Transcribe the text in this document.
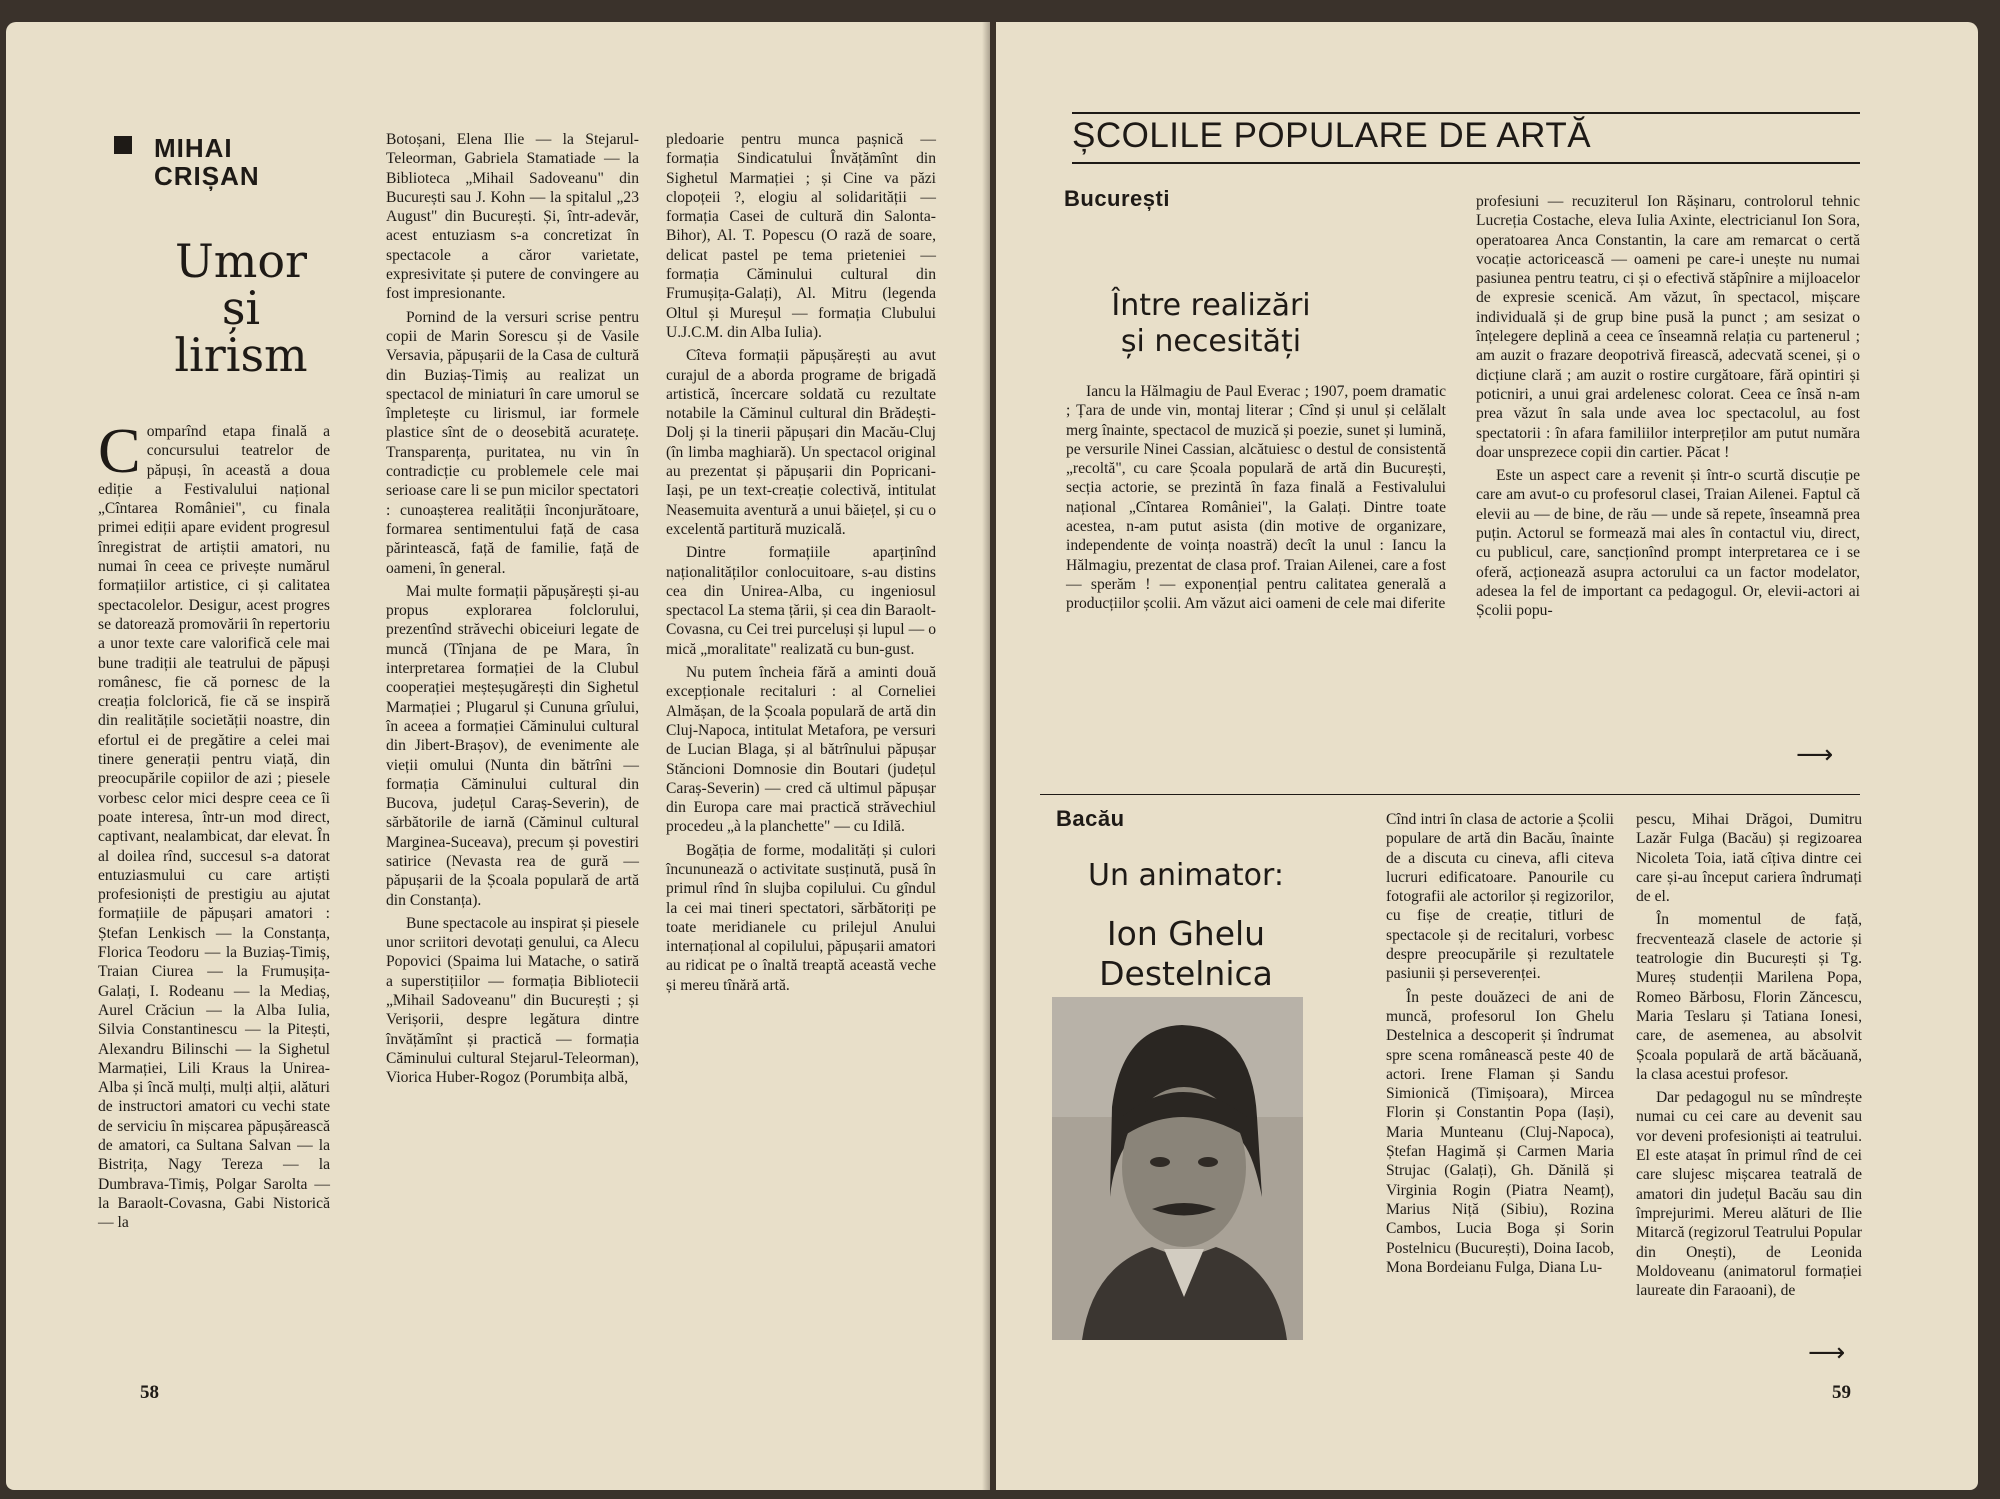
MIHAI
CRIȘAN
Umor
și
lirism

Comparînd etapa finală a concursului teatrelor de păpuși, în această a doua ediție a Festivalului național „Cîntarea României", cu finala primei ediții apare evident progresul înregistrat de artiștii amatori, nu numai în ceea ce privește numărul formațiilor artistice, ci și calitatea spectacolelor. Desigur, acest progres se datorează promovării în repertoriu a unor texte care valorifică cele mai bune tradiții ale teatrului de păpuși românesc, fie că pornesc de la creația folclorică, fie că se inspiră din realitățile societății noastre, din efortul ei de pregătire a celei mai tinere generații pentru viață, din preocupările copiilor de azi ; piesele vorbesc celor mici despre ceea ce îi poate interesa, într-un mod direct, captivant, nealambicat, dar elevat. În al doilea rînd, succesul s-a datorat entuziasmului cu care artiști profesioniști de prestigiu au ajutat formațiile de păpușari amatori : Ștefan Lenkisch — la Constanța, Florica Teodoru — la Buziaș-Timiș, Traian Ciurea — la Frumușița-Galați, I. Rodeanu — la Mediaș, Aurel Crăciun — la Alba Iulia, Silvia Constantinescu — la Pitești, Alexandru Bilinschi — la Sighetul Marmației, Lili Kraus la Unirea-Alba și încă mulți, mulți alții, alături de instructori amatori cu vechi state de serviciu în mișcarea păpușărească de amatori, ca Sultana Salvan — la Bistrița, Nagy Tereza — la Dumbrava-Timiș, Polgar Sarolta — la Baraolt-Covasna, Gabi Nistorică — la

Botoșani, Elena Ilie — la Stejarul-Teleorman, Gabriela Stamatiade — la Biblioteca „Mihail Sadoveanu" din București sau J. Kohn — la spitalul „23 August" din București. Și, într-adevăr, acest entuziasm s-a concretizat în spectacole a căror varietate, expresivitate și putere de convingere au fost impresionante.

Pornind de la versuri scrise pentru copii de Marin Sorescu și de Vasile Versavia, păpușarii de la Casa de cultură din Buziaș-Timiș au realizat un spectacol de miniaturi în care umorul se împletește cu lirismul, iar formele plastice sînt de o deosebită acuratețe. Transparența, puritatea, nu vin în contradicție cu problemele cele mai serioase care li se pun micilor spectatori : cunoașterea realității înconjurătoare, formarea sentimentului față de casa părintească, față de familie, față de oameni, în general.

Mai multe formații păpușărești și-au propus explorarea folclorului, prezentînd străvechi obiceiuri legate de muncă (Tînjana de pe Mara, în interpretarea formației de la Clubul cooperației meșteșugărești din Sighetul Marmației ; Plugarul și Cununa grîului, în aceea a formației Căminului cultural din Jibert-Brașov), de evenimente ale vieții omului (Nunta din bătrîni — formația Căminului cultural din Bucova, județul Caraș-Severin), de sărbătorile de iarnă (Căminul cultural Marginea-Suceava), precum și povestiri satirice (Nevasta rea de gură — păpușarii de la Școala populară de artă din Constanța).

Bune spectacole au inspirat și piesele unor scriitori devotați genului, ca Alecu Popovici (Spaima lui Matache, o satiră a superstițiilor — formația Bibliotecii „Mihail Sadoveanu" din București ; și Verișorii, despre legătura dintre învățămînt și practică — formația Căminului cultural Stejarul-Teleorman), Viorica Huber-Rogoz (Porumbița albă,

pledoarie pentru munca pașnică — formația Sindicatului Învățămînt din Sighetul Marmației ; și Cine va păzi clopoțeii ?, elogiu al solidarității — formația Casei de cultură din Salonta-Bihor), Al. T. Popescu (O rază de soare, delicat pastel pe tema prieteniei — formația Căminului cultural din Frumușița-Galați), Al. Mitru (legenda Oltul și Mureșul — formația Clubului U.J.C.M. din Alba Iulia).

Cîteva formații păpușărești au avut curajul de a aborda programe de brigadă artistică, încercare soldată cu rezultate notabile la Căminul cultural din Brădești-Dolj și la tinerii păpușari din Macău-Cluj (în limba maghiară). Un spectacol original au prezentat și păpușarii din Popricani-Iași, pe un text-creație colectivă, intitulat Neasemuita aventură a unui băiețel, și cu o excelentă partitură muzicală.

Dintre formațiile aparținînd naționalităților conlocuitoare, s-au distins cea din Unirea-Alba, cu ingeniosul spectacol La stema țării, și cea din Baraolt-Covasna, cu Cei trei purceluși și lupul — o mică „moralitate" realizată cu bun-gust.

Nu putem încheia fără a aminti două excepționale recitaluri : al Corneliei Almășan, de la Școala populară de artă din Cluj-Napoca, intitulat Metafora, pe versuri de Lucian Blaga, și al bătrînului păpușar Stăncioni Domnosie din Boutari (județul Caraș-Severin) — cred că ultimul păpușar din Europa care mai practică străvechiul procedeu „à la planchette" — cu Idilă.

Bogăția de forme, modalități și culori încununează o activitate susținută, pusă în primul rînd în slujba copilului. Cu gîndul la cei mai tineri spectatori, sărbătoriți pe toate meridianele cu prilejul Anului internațional al copilului, păpușarii amatori au ridicat pe o înaltă treaptă această veche și mereu tînără artă.

58
ȘCOLILE POPULARE DE ARTĂ
București
Între realizări
și necesități

Iancu la Hălmagiu de Paul Everac ; 1907, poem dramatic ; Țara de unde vin, montaj literar ; Cînd și unul și celălalt merg înainte, spectacol de muzică și poezie, sunet și lumină, pe versurile Ninei Cassian, alcătuiesc o destul de consistentă „recoltă", cu care Școala populară de artă din București, secția actorie, se prezintă în faza finală a Festivalului național „Cîntarea României", la Galați. Dintre toate acestea, n-am putut asista (din motive de organizare, independente de voința noastră) decît la unul : Iancu la Hălmagiu, prezentat de clasa prof. Traian Ailenei, care a fost — sperăm ! — exponențial pentru calitatea generală a producțiilor școlii. Am văzut aici oameni de cele mai diferite

profesiuni — recuziterul Ion Rășinaru, controlorul tehnic Lucreția Costache, eleva Iulia Axinte, electricianul Ion Sora, operatoarea Anca Constantin, la care am remarcat o certă vocație actoricească — oameni pe care-i unește nu numai pasiunea pentru teatru, ci și o efectivă stăpînire a mijloacelor de expresie scenică. Am văzut, în spectacol, mișcare individuală și de grup bine pusă la punct ; am sesizat o înțelegere deplină a ceea ce înseamnă relația cu partenerul ; am auzit o frazare deopotrivă firească, adecvată scenei, și o dicțiune clară ; am auzit o rostire curgătoare, fără opintiri și poticniri, a unui grai ardelenesc colorat. Ceea ce însă n-am prea văzut în sala unde avea loc spectacolul, au fost spectatorii : în afara familiilor interpreților am putut număra doar unsprezece copii din cartier. Păcat !

Este un aspect care a revenit și într-o scurtă discuție pe care am avut-o cu profesorul clasei, Traian Ailenei. Faptul că elevii au — de bine, de rău — unde să repete, înseamnă prea puțin. Actorul se formează mai ales în contactul viu, direct, cu publicul, care, sancționînd prompt interpretarea ce i se oferă, acționează asupra actorului ca un factor modelator, adesea la fel de important ca pedagogul. Or, elevii-actori ai Școlii popu-

⟶
Bacău
Un animator:
Ion Ghelu
Destelnica

Cînd intri în clasa de actorie a Școlii populare de artă din Bacău, înainte de a discuta cu cineva, afli citeva lucruri edificatoare. Panourile cu fotografii ale actorilor și regizorilor, cu fișe de creație, titluri de spectacole și de recitaluri, vorbesc despre preocupările și rezultatele pasiunii și perseverenței.

În peste douăzeci de ani de muncă, profesorul Ion Ghelu Destelnica a descoperit și îndrumat spre scena românească peste 40 de actori. Irene Flaman și Sandu Simionică (Timișoara), Mircea Florin și Constantin Popa (Iași), Maria Munteanu (Cluj-Napoca), Ștefan Hagimă și Carmen Maria Strujac (Galați), Gh. Dănilă și Virginia Rogin (Piatra Neamț), Marius Niță (Sibiu), Rozina Cambos, Lucia Boga și Sorin Postelnicu (București), Doina Iacob, Mona Bordeianu Fulga, Diana Lu-

pescu, Mihai Drăgoi, Dumitru Lazăr Fulga (Bacău) și regizoarea Nicoleta Toia, iată cîțiva dintre cei care și-au început cariera îndrumați de el.

În momentul de față, frecventează clasele de actorie și teatrologie din București și Tg. Mureș studenții Marilena Popa, Romeo Bărbosu, Florin Zăncescu, Maria Teslaru și Tatiana Ionesi, care, de asemenea, au absolvit Școala populară de artă băcăuană, la clasa acestui profesor.

Dar pedagogul nu se mîndrește numai cu cei care au devenit sau vor deveni profesioniști ai teatrului. El este atașat în primul rînd de cei care slujesc mișcarea teatrală de amatori din județul Bacău sau din împrejurimi. Mereu alături de Ilie Mitarcă (regizorul Teatrului Popular din Onești), de Leonida Moldoveanu (animatorul formației laureate din Faraoani), de

⟶
59
